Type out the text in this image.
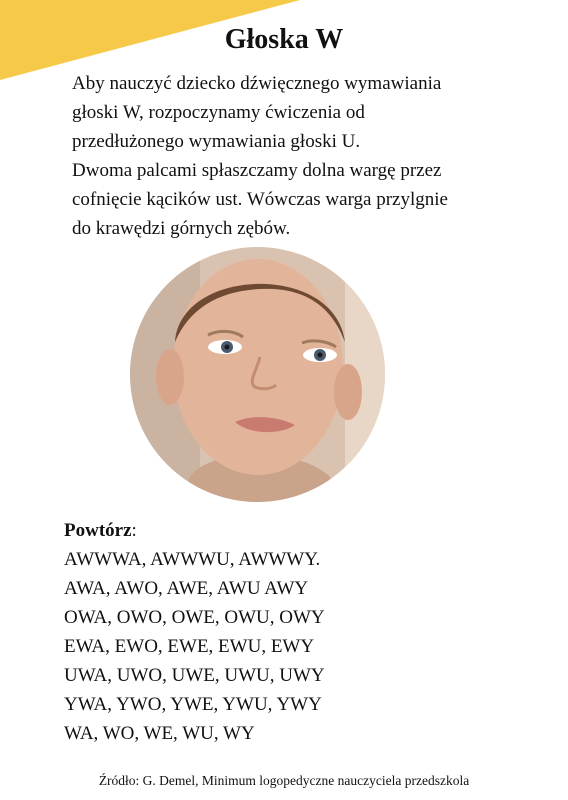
Głoska W

Aby nauczyć dziecko dźwięcznego wymawiania

głoski W, rozpoczynamy ćwiczenia od

przedłużonego wymawiania głoski U.

Dwoma palcami spłaszczamy dolna wargę przez

cofnięcie kącików ust. Wówczas warga przylgnie

do krawędzi górnych zębów.

Powtórz:

AWWWA, AWWWU, AWWWY.

AWA, AWO, AWE, AWU AWY

OWA, OWO, OWE, OWU, OWY

EWA, EWO, EWE, EWU, EWY

UWA, UWO, UWE, UWU, UWY

YWA, YWO, YWE, YWU, YWY

WA, WO, WE, WU, WY

Źródło: G. Demel, Minimum logopedyczne nauczyciela przedszkola
